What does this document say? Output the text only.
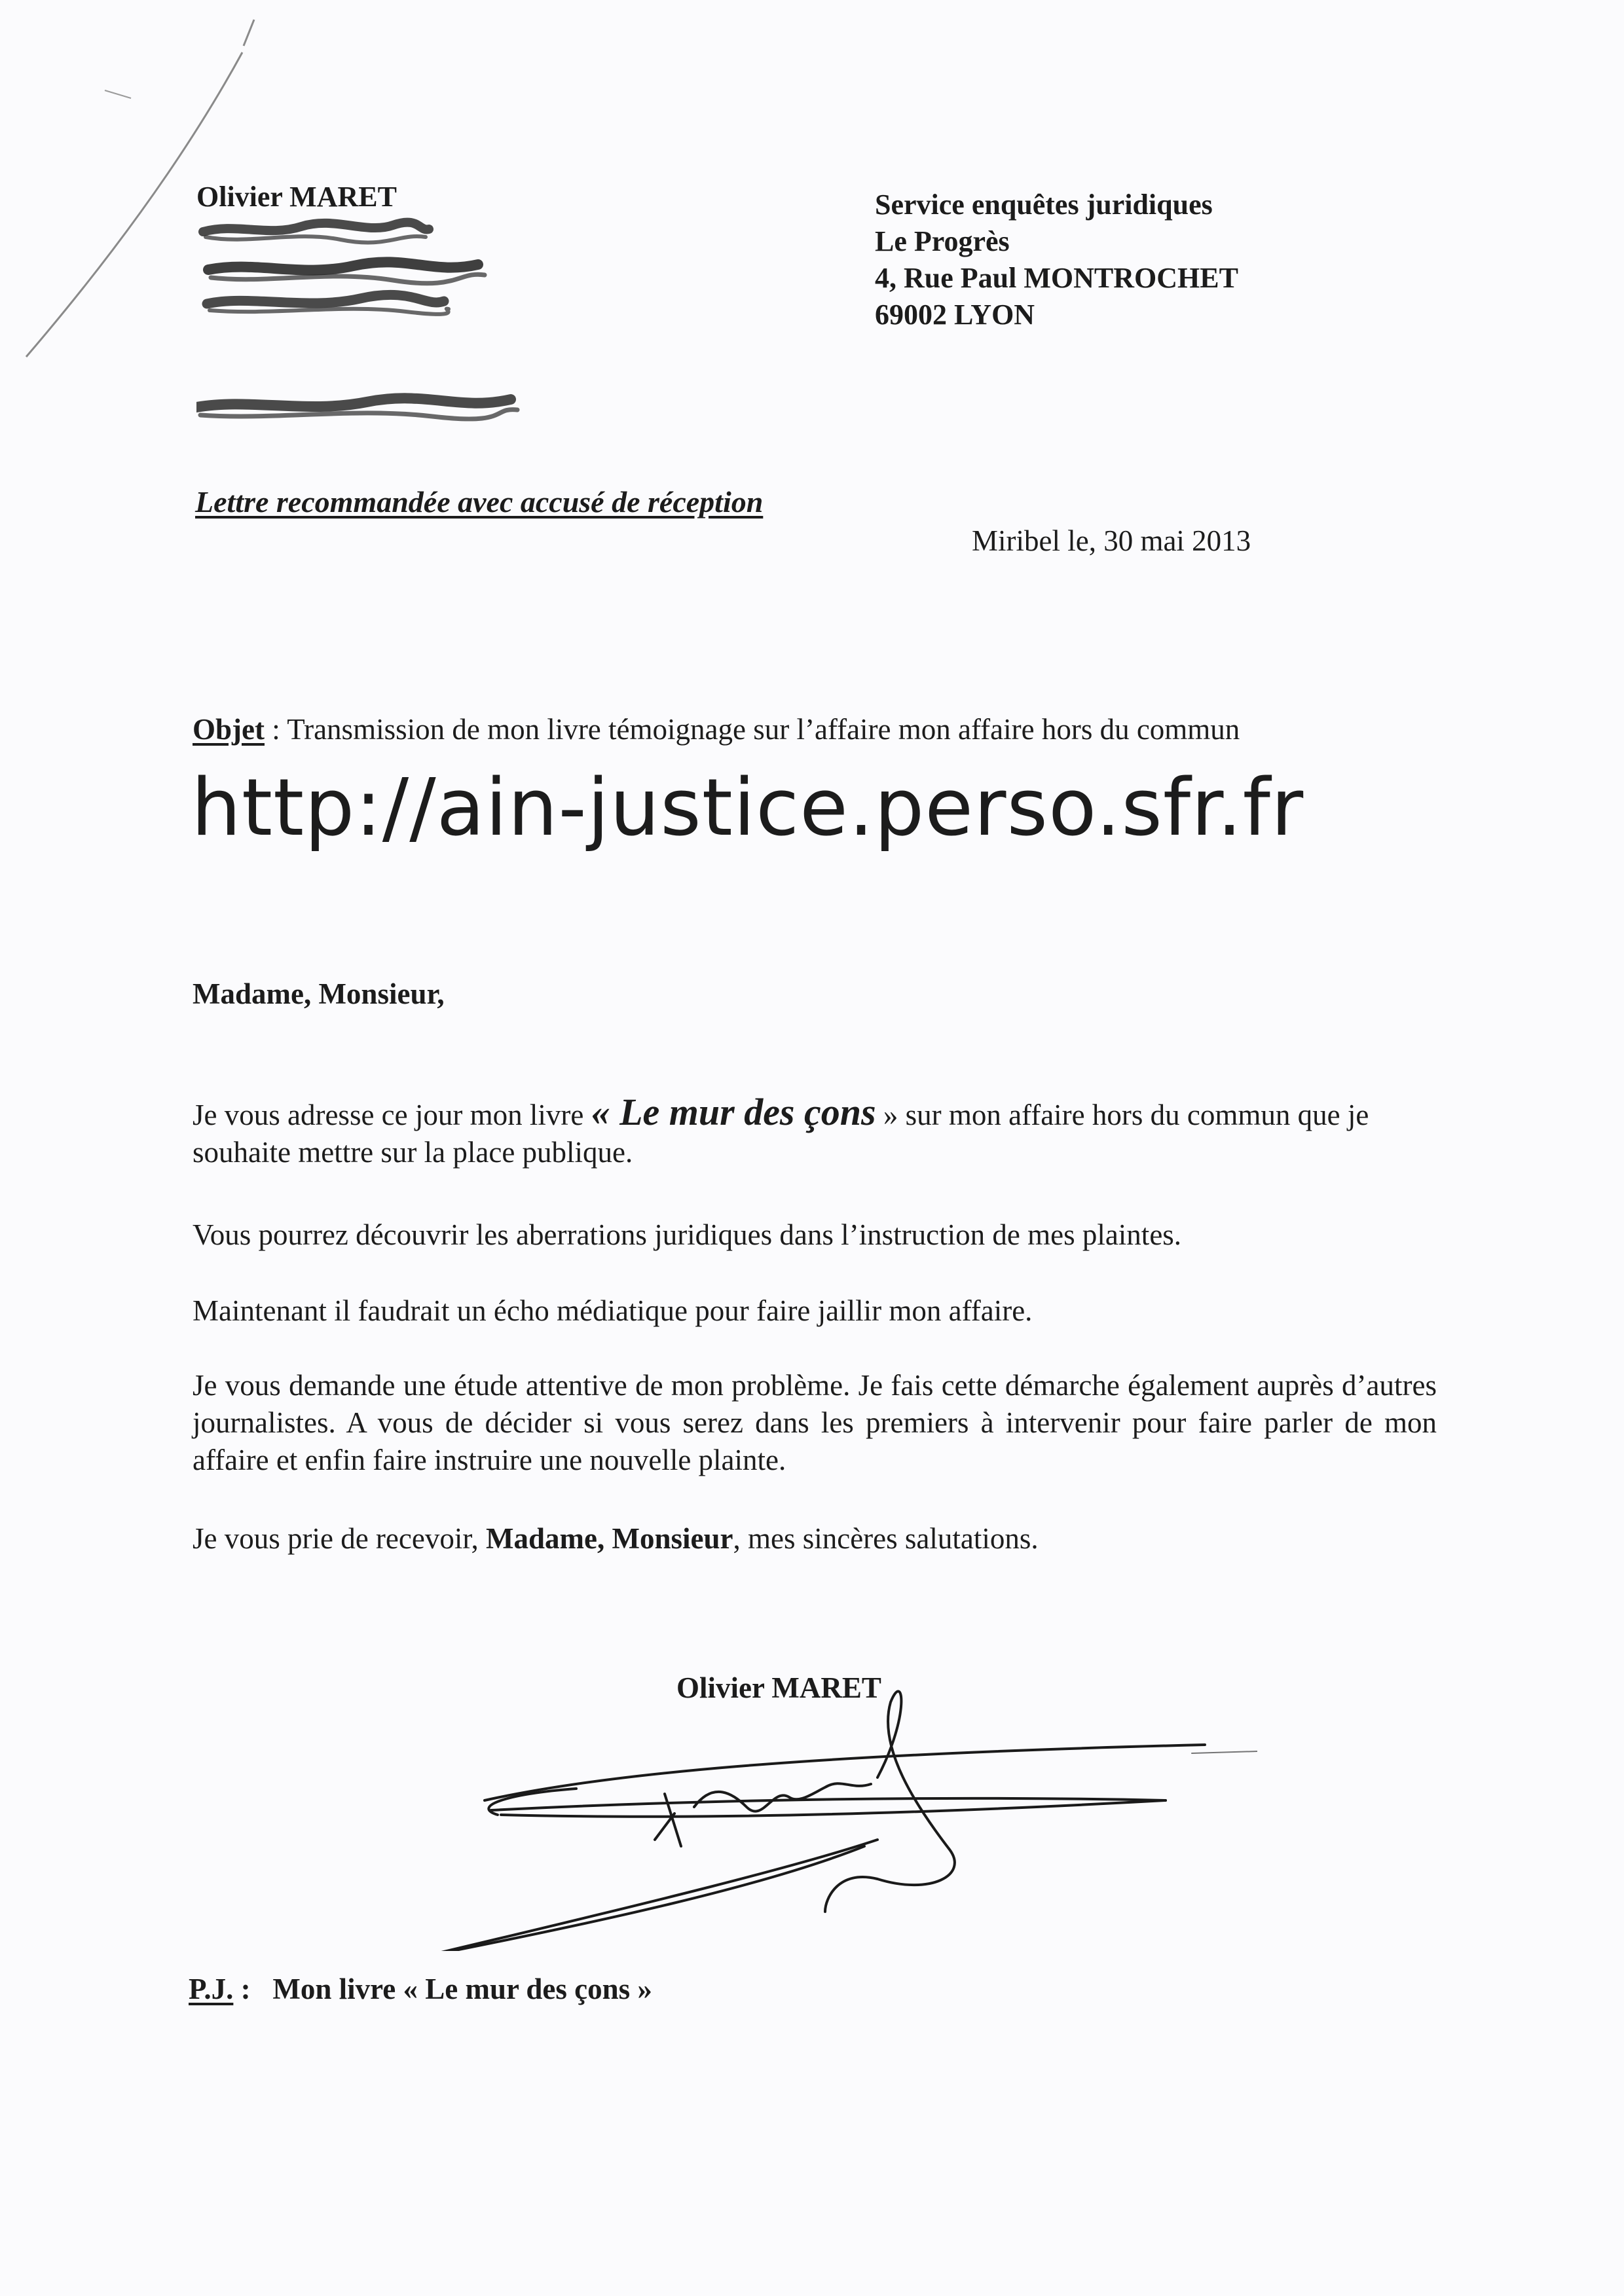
Olivier MARET	Service enquêtes juridiques
Le Progrès
4, Rue Paul MONTROCHET
69002 LYON
Lettre recommandée avec accusé de réception
Miribel le, 30 mai 2013
Objet : Transmission de mon livre témoignage sur l’affaire mon affaire hors du commun
http://ain-justice.perso.sfr.fr
Madame, Monsieur,
Je vous adresse ce jour mon livre « Le mur des çons » sur mon affaire hors du commun que je souhaite mettre sur la place publique.
Vous pourrez découvrir les aberrations juridiques dans l’instruction de mes plaintes.
Maintenant il faudrait un écho médiatique pour faire jaillir mon affaire.
Je vous demande une étude attentive de mon problème. Je fais cette démarche également auprès d’autres journalistes. A vous de décider si vous serez dans les premiers à intervenir pour faire parler de mon affaire et enfin faire instruire une nouvelle plainte.
Je vous prie de recevoir, Madame, Monsieur, mes sincères salutations.
Olivier MARET
P.J. :   Mon livre « Le mur des çons »
